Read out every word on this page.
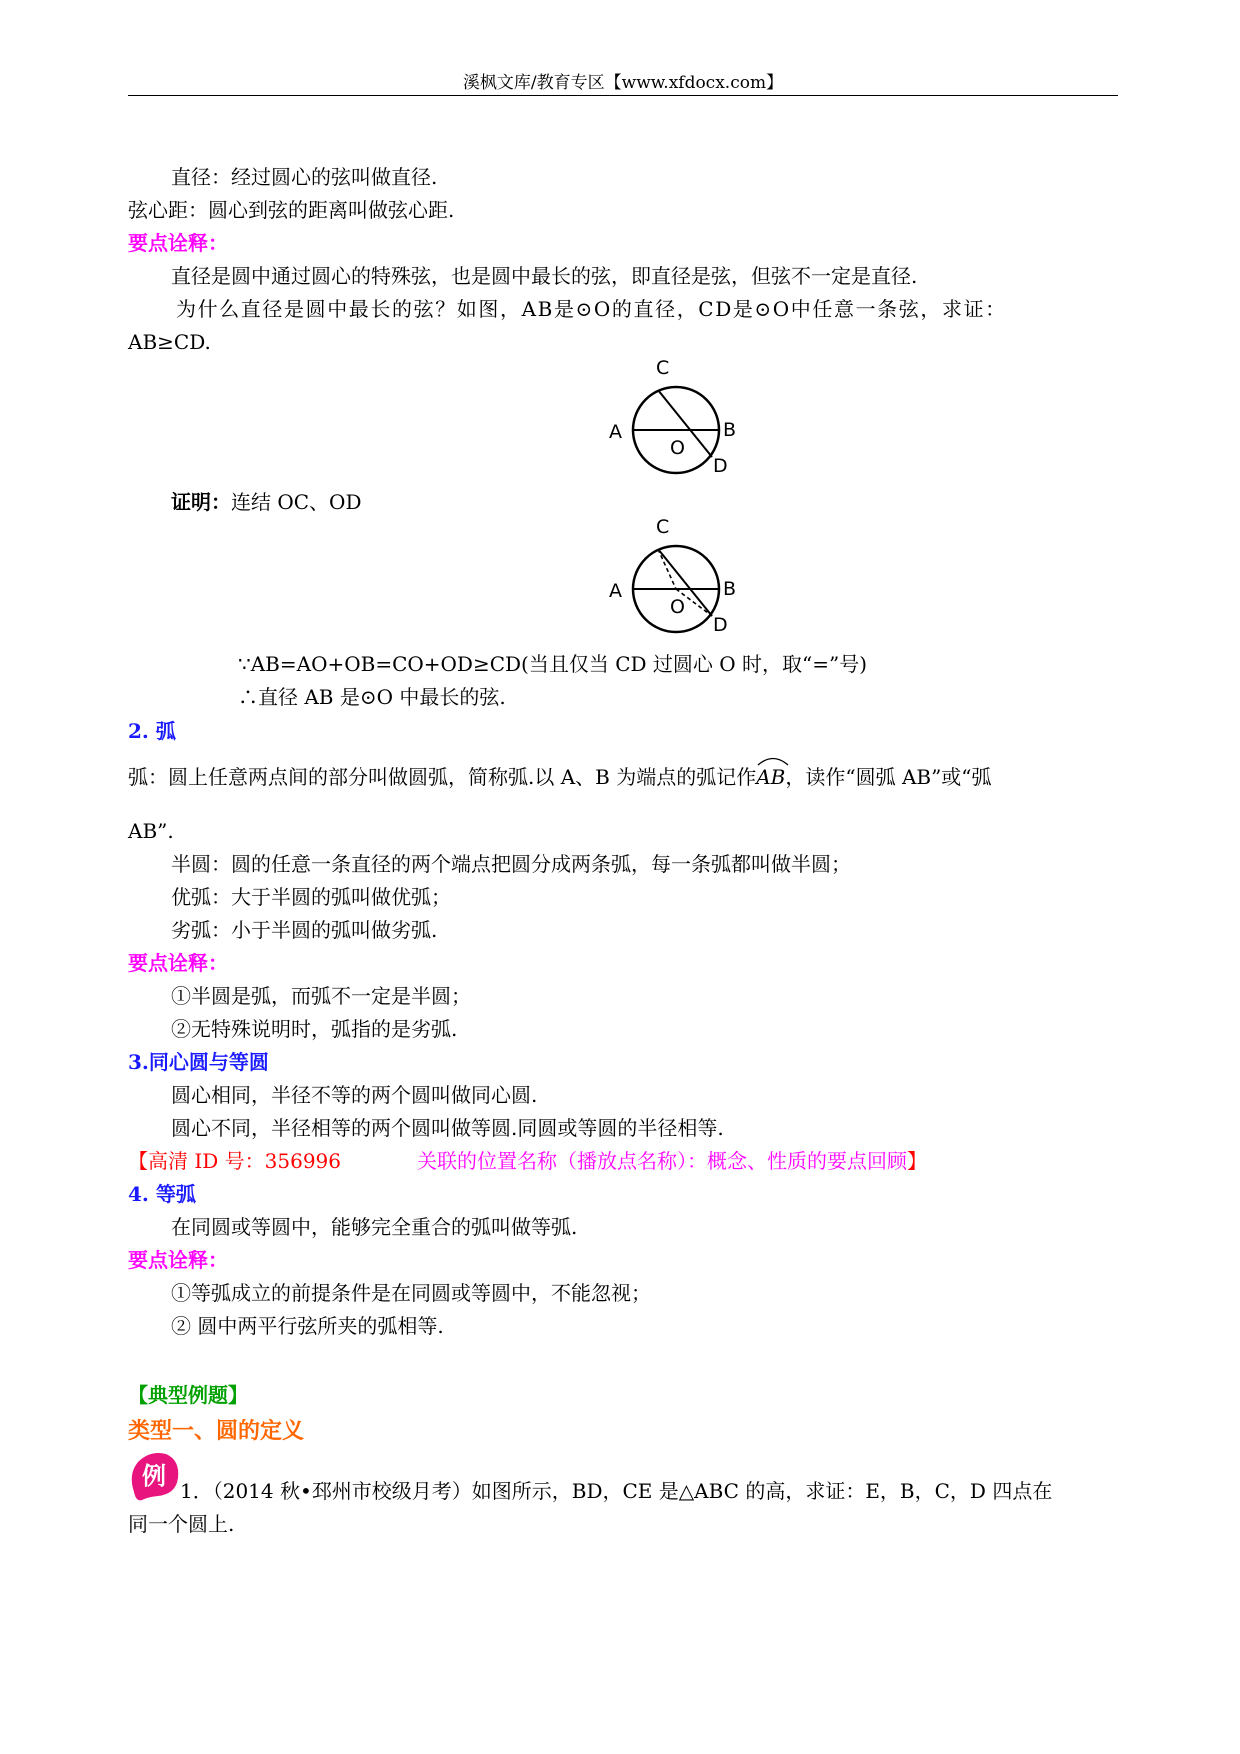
溪枫文库/教育专区【www.xfdocx.com】
直径：经过圆心的弦叫做直径.
弦心距：圆心到弦的距离叫做弦心距.
要点诠释：
直径是圆中通过圆心的特殊弦，也是圆中最长的弦，即直径是弦，但弦不一定是直径.
为什么直径是圆中最长的弦？如图，AB是⊙O的直径，CD是⊙O中任意一条弦，求证：
AB≥CD.
C
A	B
O
D
证明：连结 OC、OD
C
A	B
O
D
∵AB=AO+OB=CO+OD≥CD(当且仅当 CD 过圆心 O 时，取“=”号)
∴直径 AB 是⊙O 中最长的弦.
2. 弧
弧：圆上任意两点间的部分叫做圆弧，简称弧.以 A、B 为端点的弧记作
AB，读作“圆弧 AB”或“弧
AB”.
半圆：圆的任意一条直径的两个端点把圆分成两条弧，每一条弧都叫做半圆；
优弧：大于半圆的弧叫做优弧；
劣弧：小于半圆的弧叫做劣弧.
要点诠释：
①半圆是弧，而弧不一定是半圆；
②无特殊说明时，弧指的是劣弧.
3.同心圆与等圆
圆心相同，半径不等的两个圆叫做同心圆.
圆心不同，半径相等的两个圆叫做等圆.同圆或等圆的半径相等.
【高清 ID 号：356996	关联的位置名称（播放点名称）：概念、性质的要点回顾】
4. 等弧
在同圆或等圆中，能够完全重合的弧叫做等弧.
要点诠释：
①等弧成立的前提条件是在同圆或等圆中，不能忽视；
② 圆中两平行弦所夹的弧相等.
【典型例题】
类型一、圆的定义
例
1．（2014 秋•邳州市校级月考）如图所示，BD，CE 是△ABC 的高，求证：E，B，C，D 四点在
同一个圆上.
